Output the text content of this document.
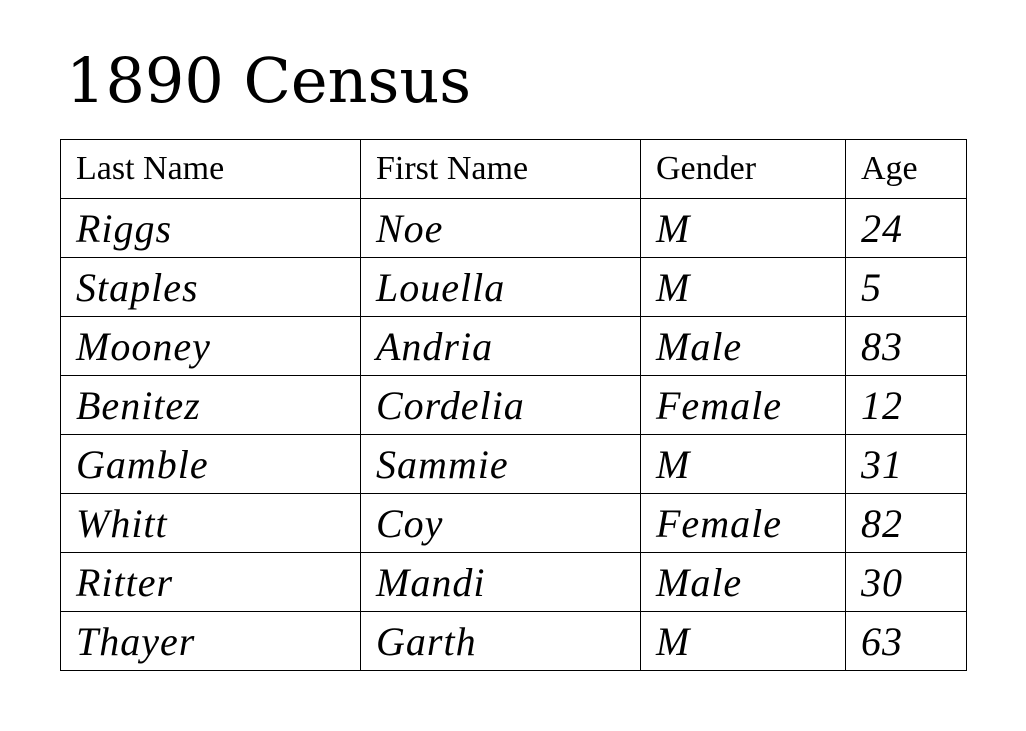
1890 Census
Last Name	First Name	Gender	Age
Riggs	Noe	M	24
Staples	Louella	M	5
Mooney	Andria	Male	83
Benitez	Cordelia	Female	12
Gamble	Sammie	M	31
Whitt	Coy	Female	82
Ritter	Mandi	Male	30
Thayer	Garth	M	63
